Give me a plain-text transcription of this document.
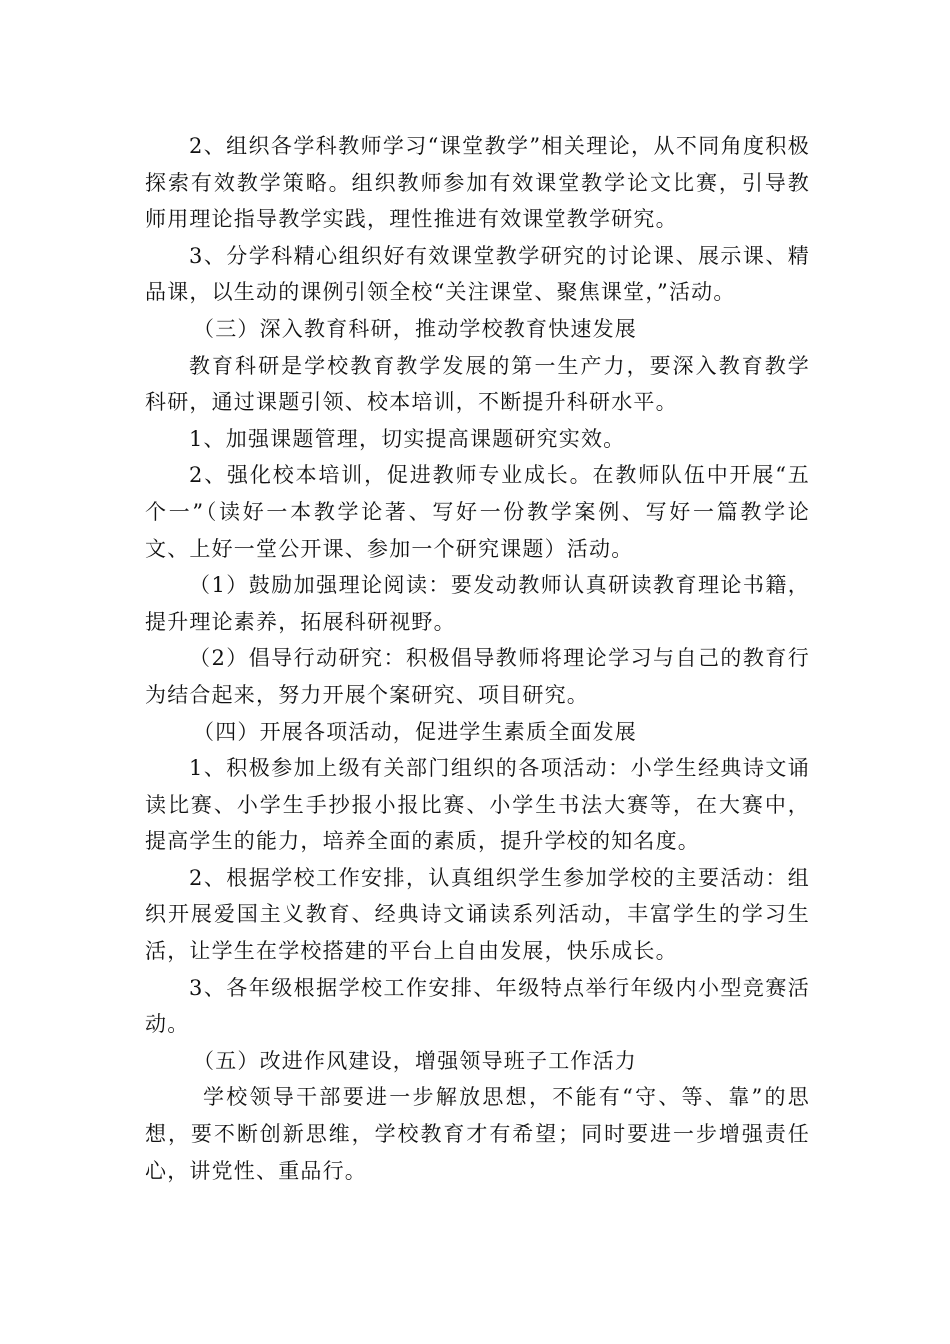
2、组织各学科教师学习“课堂教学”相关理论，从不同角度积极探索有效教学策略。组织教师参加有效课堂教学论文比赛，引导教师用理论指导教学实践，理性推进有效课堂教学研究。

3、分学科精心组织好有效课堂教学研究的讨论课、展示课、精品课，以生动的课例引领全校“关注课堂、聚焦课堂，”活动。

（三）深入教育科研，推动学校教育快速发展

教育科研是学校教育教学发展的第一生产力，要深入教育教学科研，通过课题引领、校本培训，不断提升科研水平。

1、加强课题管理，切实提高课题研究实效。

2、强化校本培训，促进教师专业成长。在教师队伍中开展“五个一”（读好一本教学论著、写好一份教学案例、写好一篇教学论文、上好一堂公开课、参加一个研究课题）活动。

（1）鼓励加强理论阅读：要发动教师认真研读教育理论书籍，提升理论素养，拓展科研视野。

（2）倡导行动研究：积极倡导教师将理论学习与自己的教育行为结合起来，努力开展个案研究、项目研究。

（四）开展各项活动，促进学生素质全面发展

1、积极参加上级有关部门组织的各项活动：小学生经典诗文诵读比赛、小学生手抄报小报比赛、小学生书法大赛等，在大赛中，提高学生的能力，培养全面的素质，提升学校的知名度。

2、根据学校工作安排，认真组织学生参加学校的主要活动：组织开展爱国主义教育、经典诗文诵读系列活动，丰富学生的学习生活，让学生在学校搭建的平台上自由发展，快乐成长。

3、各年级根据学校工作安排、年级特点举行年级内小型竞赛活动。

（五）改进作风建设，增强领导班子工作活力

学校领导干部要进一步解放思想，不能有“守、等、靠”的思想，要不断创新思维，学校教育才有希望；同时要进一步增强责任心，讲党性、重品行。
